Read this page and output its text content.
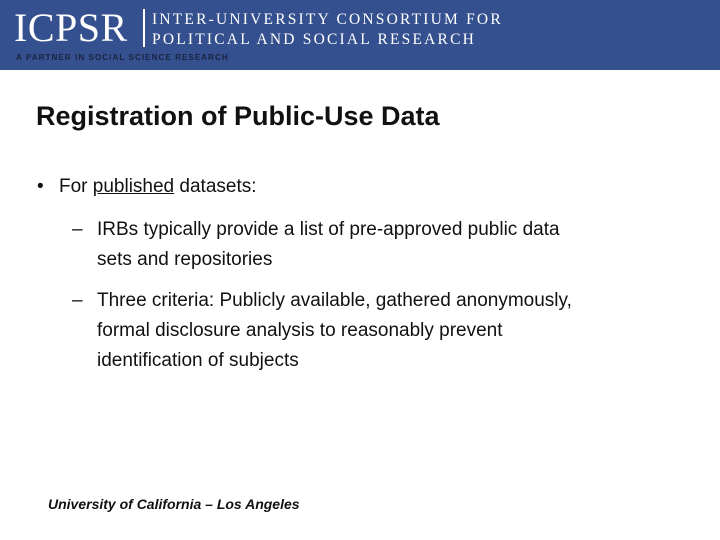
ICPSR INTER-UNIVERSITY CONSORTIUM FOR
POLITICAL AND SOCIAL RESEARCH
A PARTNER IN SOCIAL SCIENCE RESEARCH
Registration of Public-Use Data
• For published datasets:
– IRBs typically provide a list of pre-approved public data sets and repositories
– Three criteria: Publicly available, gathered anonymously, formal disclosure analysis to reasonably prevent identification of subjects
University of California – Los Angeles
